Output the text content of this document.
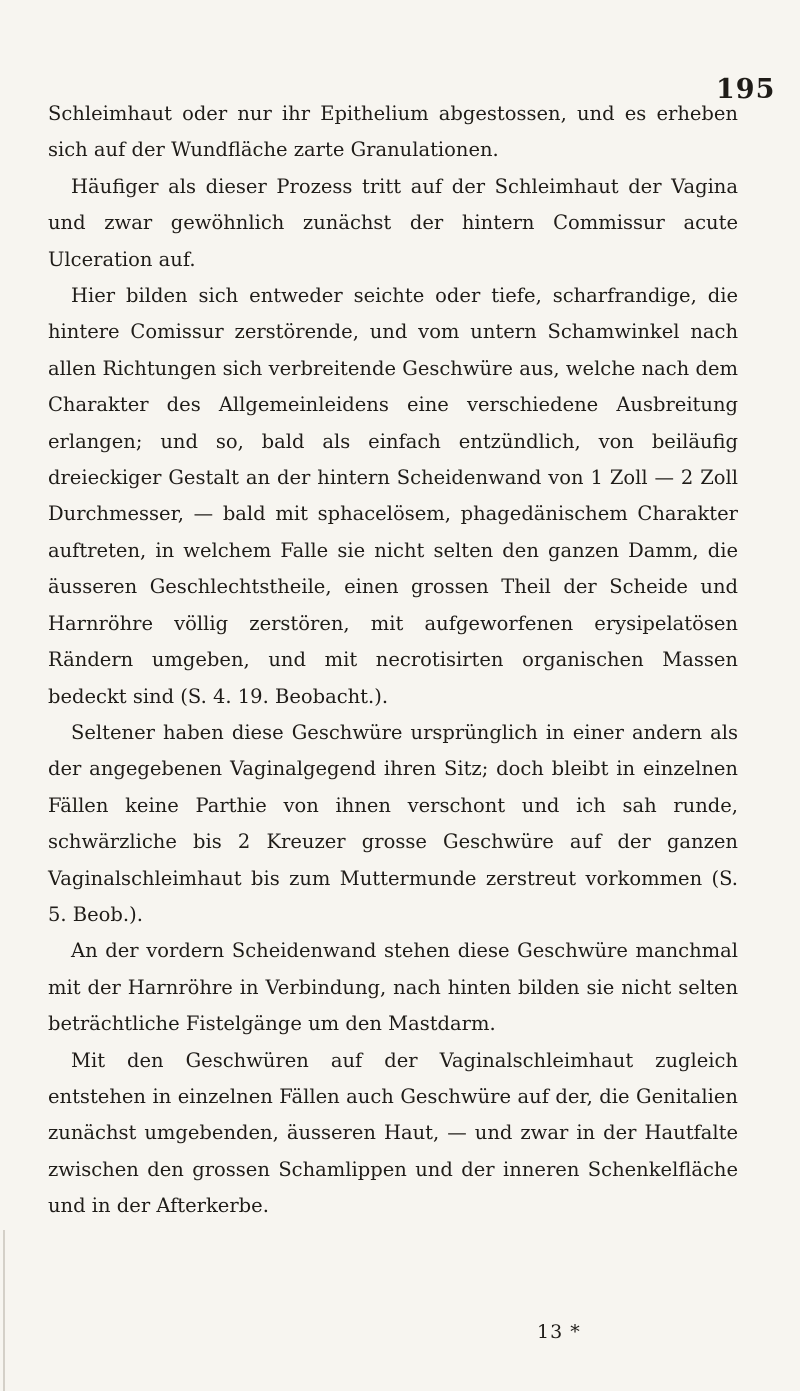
195

Schleimhaut oder nur ihr Epithelium abgestossen, und es erheben sich auf der Wundfläche zarte Granulationen.

Häufiger als dieser Prozess tritt auf der Schleimhaut der Vagina und zwar gewöhnlich zunächst der hintern Commissur acute Ulceration auf.

Hier bilden sich entweder seichte oder tiefe, scharfrandige, die hintere Comissur zerstörende, und vom untern Schamwinkel nach allen Richtungen sich verbreitende Geschwüre aus, welche nach dem Charakter des Allgemeinleidens eine verschiedene Ausbreitung erlangen; und so, bald als einfach entzündlich, von beiläufig dreieckiger Gestalt an der hintern Scheidenwand von 1 Zoll — 2 Zoll Durchmesser, — bald mit sphacelösem, phagedänischem Charakter auftreten, in welchem Falle sie nicht selten den ganzen Damm, die äusseren Geschlechtstheile, einen grossen Theil der Scheide und Harnröhre völlig zerstören, mit aufgeworfenen erysipelatösen Rändern umgeben, und mit necrotisirten organischen Massen bedeckt sind (S. 4. 19. Beobacht.).

Seltener haben diese Geschwüre ursprünglich in einer andern als der angegebenen Vaginalgegend ihren Sitz; doch bleibt in einzelnen Fällen keine Parthie von ihnen verschont und ich sah runde, schwärzliche bis 2 Kreuzer grosse Geschwüre auf der ganzen Vaginalschleimhaut bis zum Muttermunde zerstreut vorkommen (S. 5. Beob.).

An der vordern Scheidenwand stehen diese Geschwüre manchmal mit der Harnröhre in Verbindung, nach hinten bilden sie nicht selten beträchtliche Fistelgänge um den Mastdarm.

Mit den Geschwüren auf der Vaginalschleimhaut zugleich entstehen in einzelnen Fällen auch Geschwüre auf der, die Genitalien zunächst umgebenden, äusseren Haut, — und zwar in der Hautfalte zwischen den grossen Schamlippen und der inneren Schenkelfläche und in der Afterkerbe.

13 *
